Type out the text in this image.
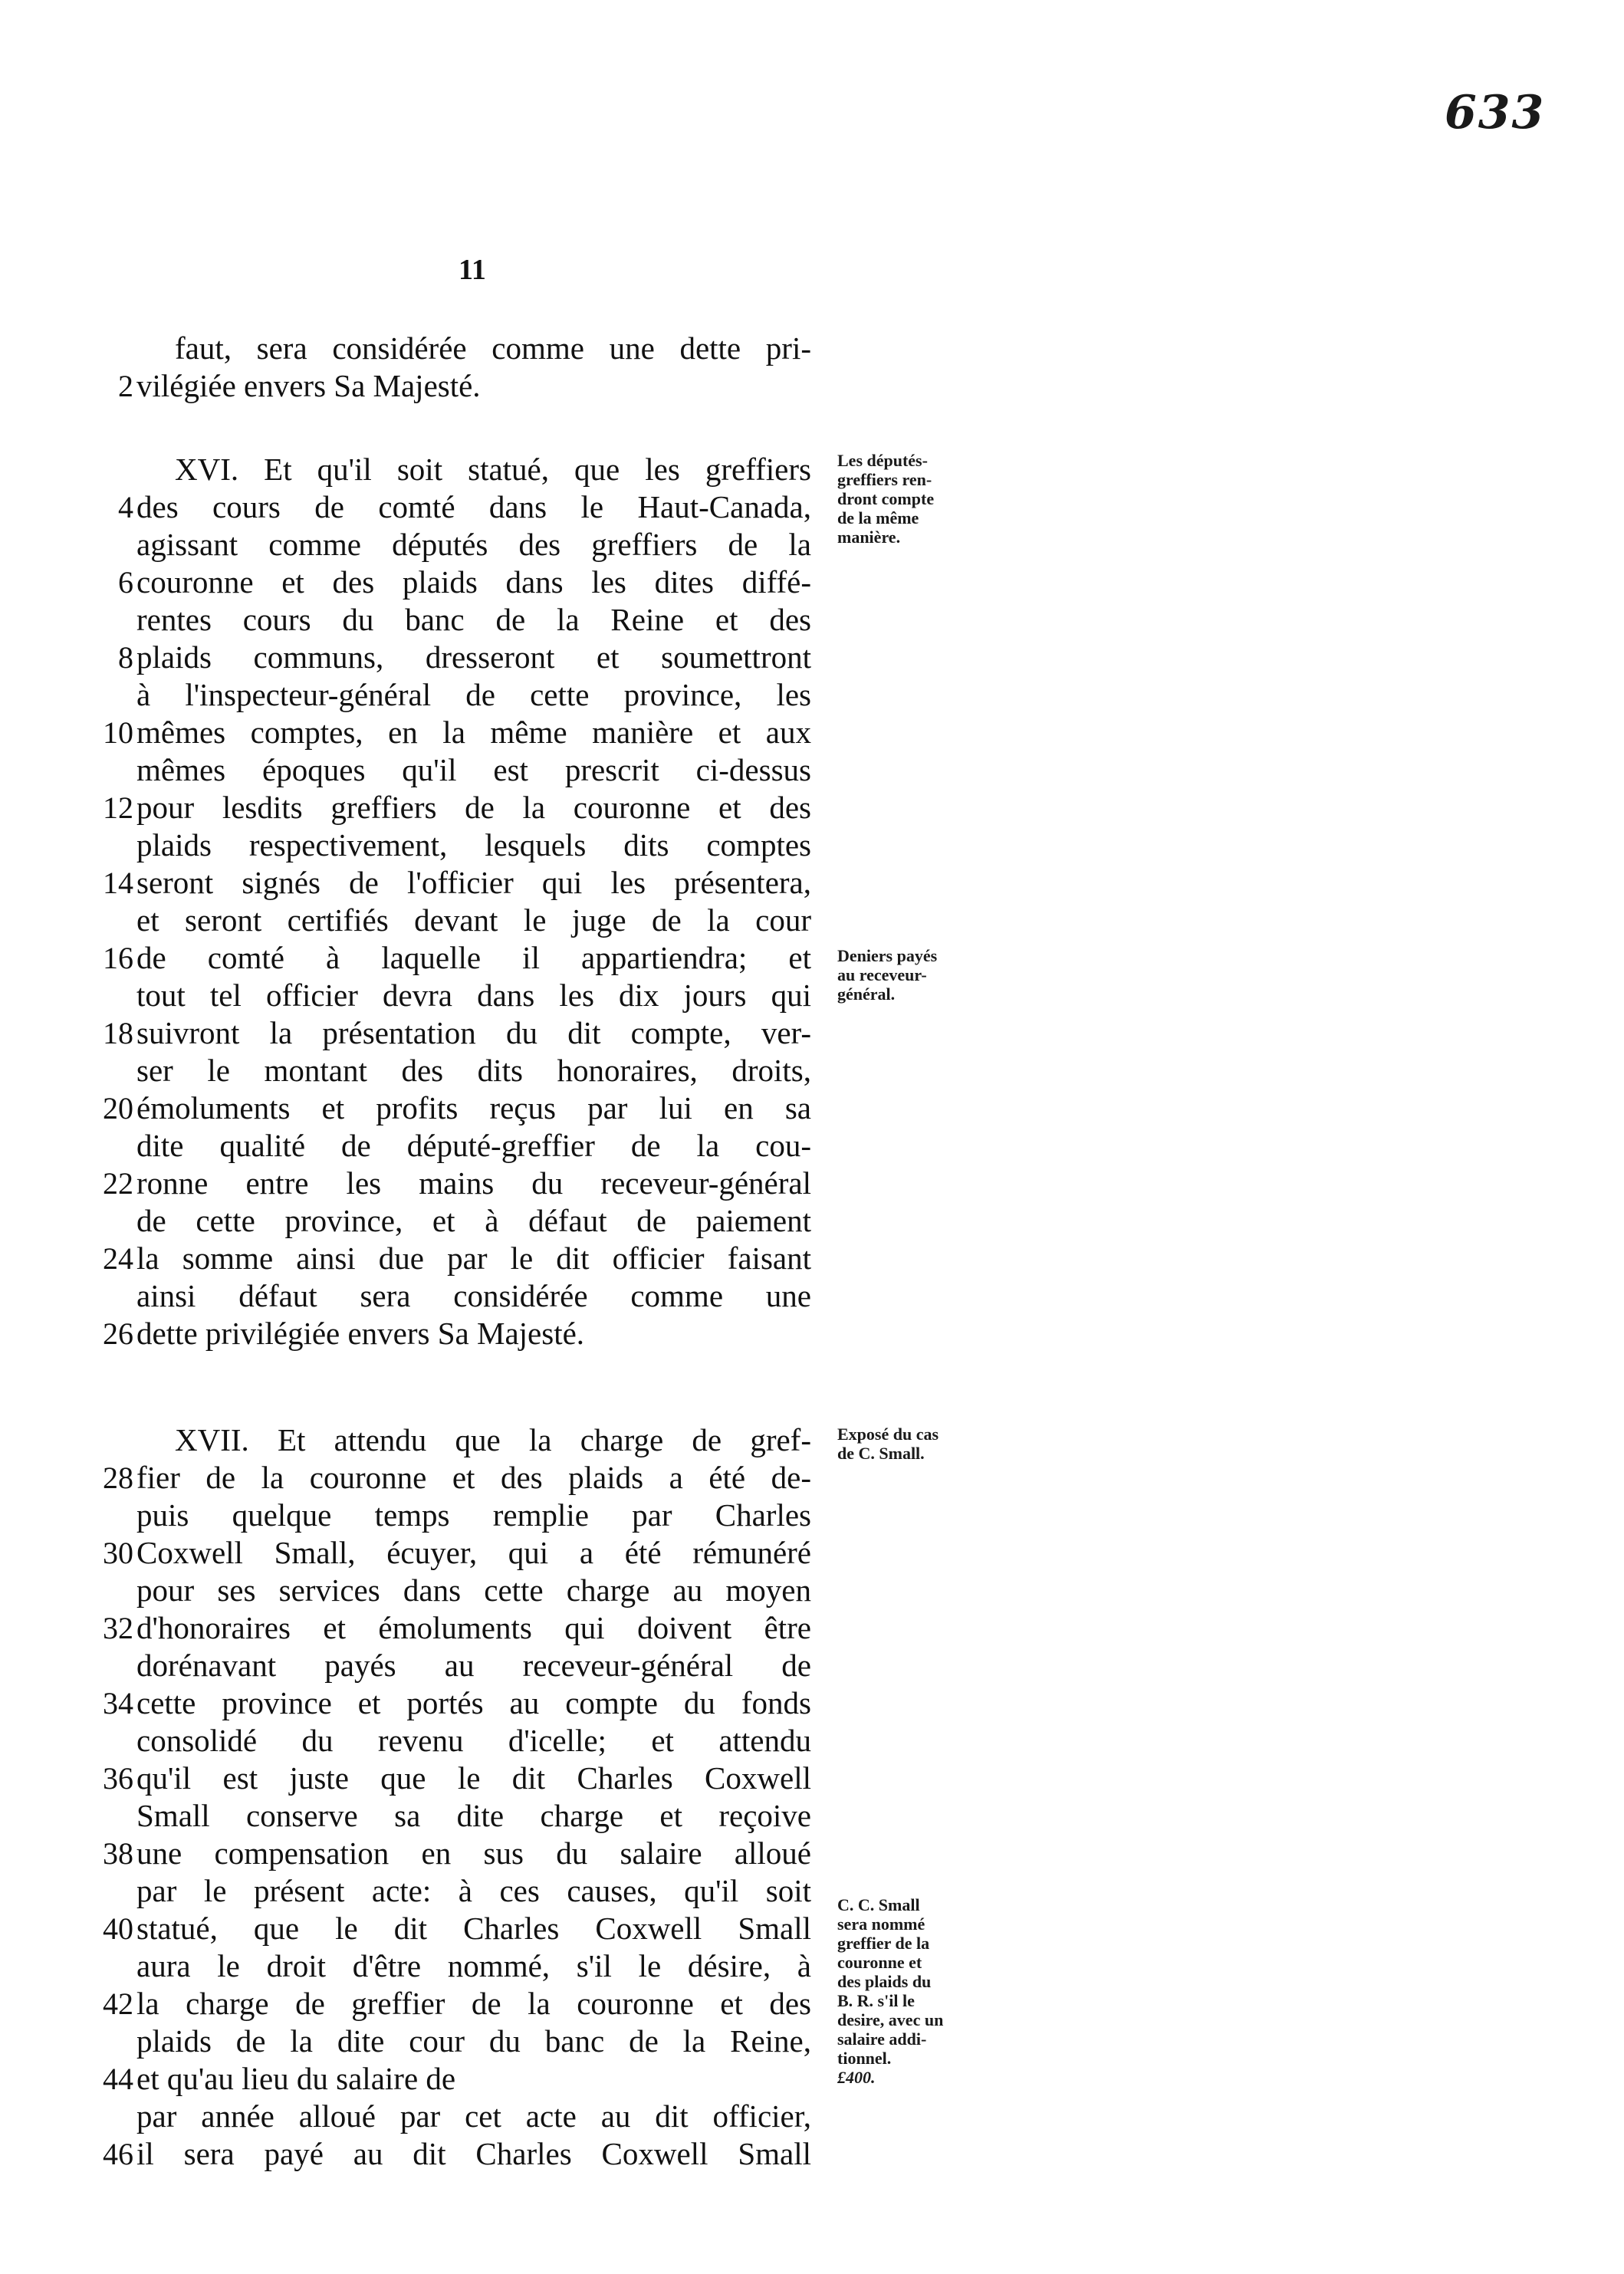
633
11
faut, sera considérée comme une dette pri-
2 vilégiée envers Sa Majesté.
XVI. Et qu'il soit statué, que les greffiers
4 des cours de comté dans le Haut-Canada,
agissant comme députés des greffiers de la
6 couronne et des plaids dans les dites diffé-
rentes cours du banc de la Reine et des
8 plaids communs, dresseront et soumettront
à l'inspecteur-général de cette province, les
10 mêmes comptes, en la même manière et aux
mêmes époques qu'il est prescrit ci-dessus
12 pour lesdits greffiers de la couronne et des
plaids respectivement, lesquels dits comptes
14 seront signés de l'officier qui les présentera,
et seront certifiés devant le juge de la cour
16 de comté à laquelle il appartiendra; et
tout tel officier devra dans les dix jours qui
18 suivront la présentation du dit compte, ver-
ser le montant des dits honoraires, droits,
20 émoluments et profits reçus par lui en sa
dite qualité de député-greffier de la cou-
22 ronne entre les mains du receveur-général
de cette province, et à défaut de paiement
24 la somme ainsi due par le dit officier faisant
ainsi défaut sera considérée comme une
26 dette privilégiée envers Sa Majesté.
Les députés-
greffiers ren-
dront compte
de la même
manière.
Deniers payés
au receveur-
général.
XVII. Et attendu que la charge de gref-
28 fier de la couronne et des plaids a été de-
puis quelque temps remplie par Charles
30 Coxwell Small, écuyer, qui a été rémunéré
pour ses services dans cette charge au moyen
32 d'honoraires et émoluments qui doivent être
dorénavant payés au receveur-général de
34 cette province et portés au compte du fonds
consolidé du revenu d'icelle; et attendu
36 qu'il est juste que le dit Charles Coxwell
Small conserve sa dite charge et reçoive
38 une compensation en sus du salaire alloué
par le présent acte: à ces causes, qu'il soit
40 statué, que le dit Charles Coxwell Small
aura le droit d'être nommé, s'il le désire, à
42 la charge de greffier de la couronne et des
plaids de la dite cour du banc de la Reine,
44 et qu'au lieu du salaire de
par année alloué par cet acte au dit officier,
46 il sera payé au dit Charles Coxwell Small
Exposé du cas
de C. Small.
C. C. Small
sera nommé
greffier de la
couronne et
des plaids du
B. R. s'il le
desire, avec un
salaire addi-
tionnel.
£400.
